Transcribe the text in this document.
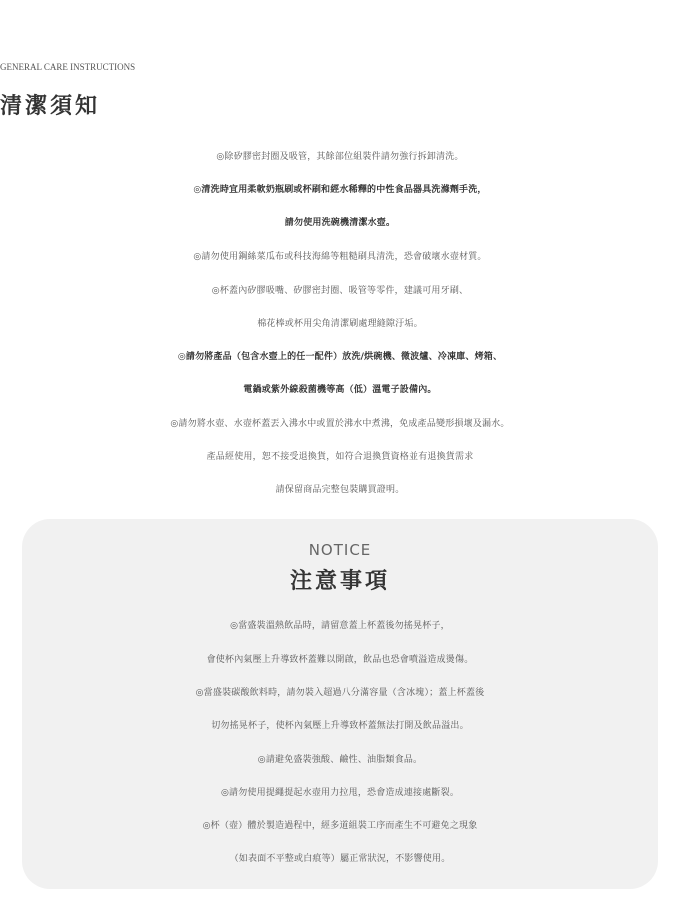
GENERAL CARE INSTRUCTIONS
清潔須知
◎除矽膠密封圈及吸管，其餘部位組裝件請勿強行拆卸清洗。
◎清洗時宜用柔軟奶瓶刷或杯刷和經水稀釋的中性食品器具洗滌劑手洗，
請勿使用洗碗機清潔水壺。
◎請勿使用鋼絲菜瓜布或科技海綿等粗糙刷具清洗，恐會破壞水壺材質。
◎杯蓋內矽膠吸嘴、矽膠密封圈、吸管等零件，建議可用牙刷、
棉花棒或杯用尖角清潔刷處理縫隙汙垢。
◎請勿將產品（包含水壺上的任一配件）放洗/烘碗機、微波爐、冷凍庫、烤箱、
電鍋或紫外線殺菌機等高（低）溫電子設備內。
◎請勿將水壺、水壺杯蓋丟入沸水中或置於沸水中煮沸，免成產品變形損壞及漏水。
產品經使用，恕不接受退換貨，如符合退換貨資格並有退換貨需求
請保留商品完整包裝購買證明。
NOTICE
注意事項
◎當盛裝溫熱飲品時，請留意蓋上杯蓋後勿搖晃杯子，
會使杯內氣壓上升導致杯蓋難以開啟，飲品也恐會噴溢造成燙傷。
◎當盛裝碳酸飲料時，請勿裝入超過八分滿容量（含冰塊）；蓋上杯蓋後
切勿搖晃杯子，使杯內氣壓上升導致杯蓋無法打開及飲品溢出。
◎請避免盛裝強酸、鹼性、油脂類食品。
◎請勿使用提繩提起水壺用力拉甩，恐會造成連接處斷裂。
◎杯（壺）體於製造過程中，經多道組裝工序而產生不可避免之現象
（如表面不平整或白痕等）屬正常狀況，不影響使用。
